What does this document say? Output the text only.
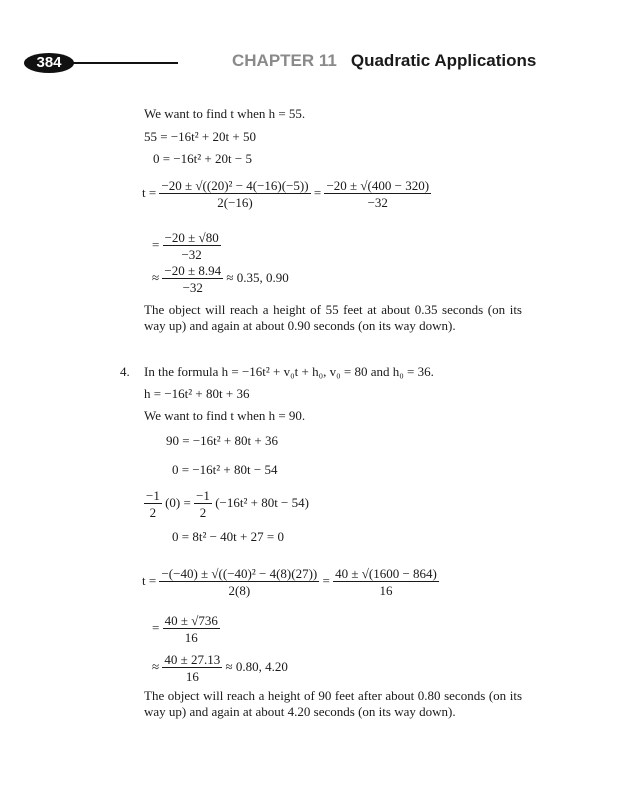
384	CHAPTER 11 Quadratic Applications
We want to find t when h = 55.
55 = −16t² + 20t + 50
0 = −16t² + 20t − 5
$t = \frac{\text{−20 ± √((20)² − 4(−16)(−5))}}{2(-16)} = \frac{-20 \pm √(400 - 320)}{-32}$
= $\frac{-20 \pm √80}{-32}$
≈ $\frac{-20 \pm 8.94}{-32} \approx 0.35$, 0.90
The object will reach a height of 55 feet at about 0.35 seconds (on its way up) and again at about 0.90 seconds (on its way down).
4. In the formula h = −16t² + v₀t + h₀, v₀ = 80 and h₀ = 36.
h = −16t² + 80t + 36
We want to find t when h = 90.
90 = −16t² + 80t + 36
0 = −16t² + 80t − 54
$\frac{-1}{2} (0) = \frac{-1}{2} (-16t^2 + 80t - 54)$
0 = 8t² − 40t + 27 = 0
$t = \frac{\text{−(−40) ± √((−40)² − 4(8)(27))}}{2(8)} = \frac{40 \pm √(1600 - 864)}{16}$
= $\frac{40 \pm √736}{16}$
≈ $\frac{40 \pm 27.13}{16} \approx 0.80$, 4.20
The object will reach a height of 90 feet after about 0.80 seconds (on its way up) and again at about 4.20 seconds (on its way down).
